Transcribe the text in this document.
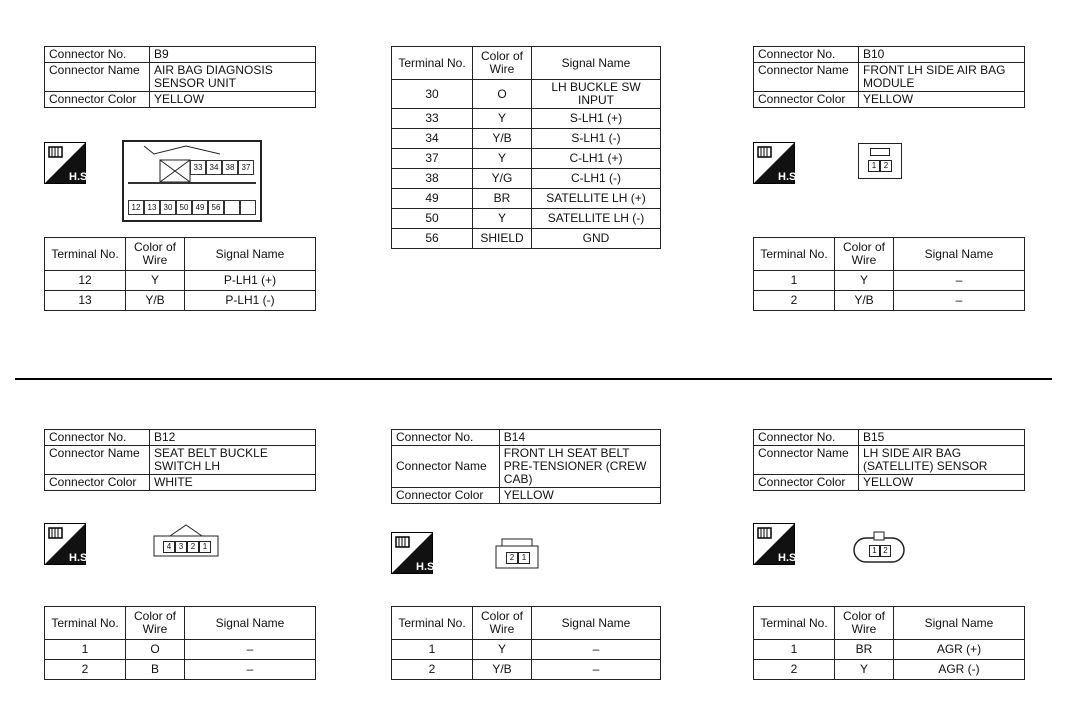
Connector No.	B9
Connector Name	AIR BAG DIAGNOSIS SENSOR UNIT
Connector Color	YELLOW
H.S.
33 34 38 37
12 13 30 50 49 56
Terminal No.	Color of Wire	Signal Name
12	Y	P-LH1 (+)
13	Y/B	P-LH1 (-)
Terminal No.	Color of Wire	Signal Name
30	O	LH BUCKLE SW INPUT
33	Y	S-LH1 (+)
34	Y/B	S-LH1 (-)
37	Y	C-LH1 (+)
38	Y/G	C-LH1 (-)
49	BR	SATELLITE LH (+)
50	Y	SATELLITE LH (-)
56	SHIELD	GND
Connector No.	B10
Connector Name	FRONT LH SIDE AIR BAG MODULE
Connector Color	YELLOW
H.S.
1 2
Terminal No.	Color of Wire	Signal Name
1	Y	–
2	Y/B	–
Connector No.	B12
Connector Name	SEAT BELT BUCKLE SWITCH LH
Connector Color	WHITE
H.S.
4 3 2 1
Terminal No.	Color of Wire	Signal Name
1	O	–
2	B	–
Connector No.	B14
Connector Name	FRONT LH SEAT BELT PRE-TENSIONER (CREW CAB)
Connector Color	YELLOW
H.S.
2 1
Terminal No.	Color of Wire	Signal Name
1	Y	–
2	Y/B	–
Connector No.	B15
Connector Name	LH SIDE AIR BAG (SATELLITE) SENSOR
Connector Color	YELLOW
H.S.
1 2
Terminal No.	Color of Wire	Signal Name
1	BR	AGR (+)
2	Y	AGR (-)
